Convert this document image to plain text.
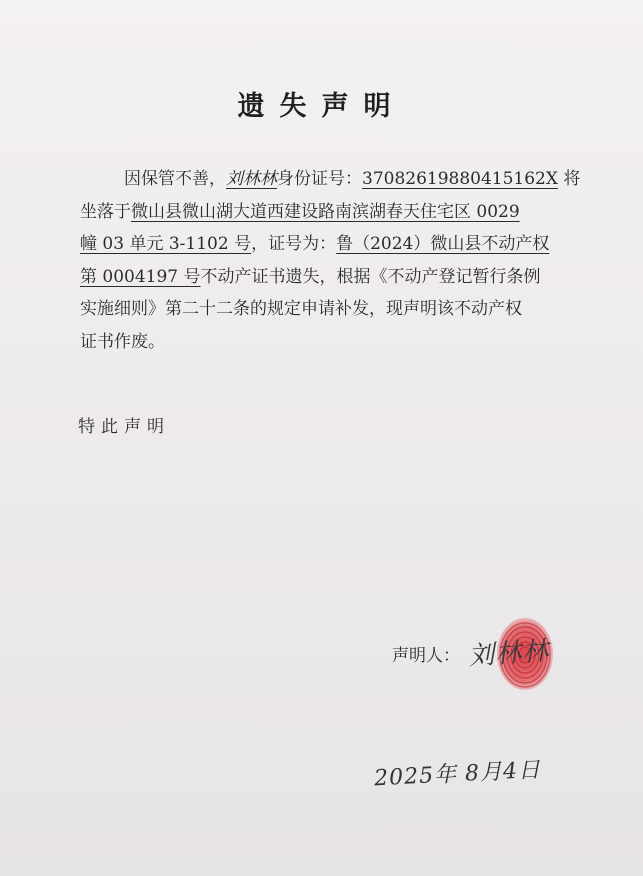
遗失声明
因保管不善，刘林林身份证号：37082619880415162X 将
坐落于微山县微山湖大道西建设路南滨湖春天住宅区 0029
幢 03 单元 3-1102 号，证号为：鲁（2024）微山县不动产权
第 0004197 号不动产证书遗失，根据《不动产登记暂行条例
实施细则》第二十二条的规定申请补发，现声明该不动产权
证书作废。
特此声明
声明人： 刘林林
2025年 8月4日
